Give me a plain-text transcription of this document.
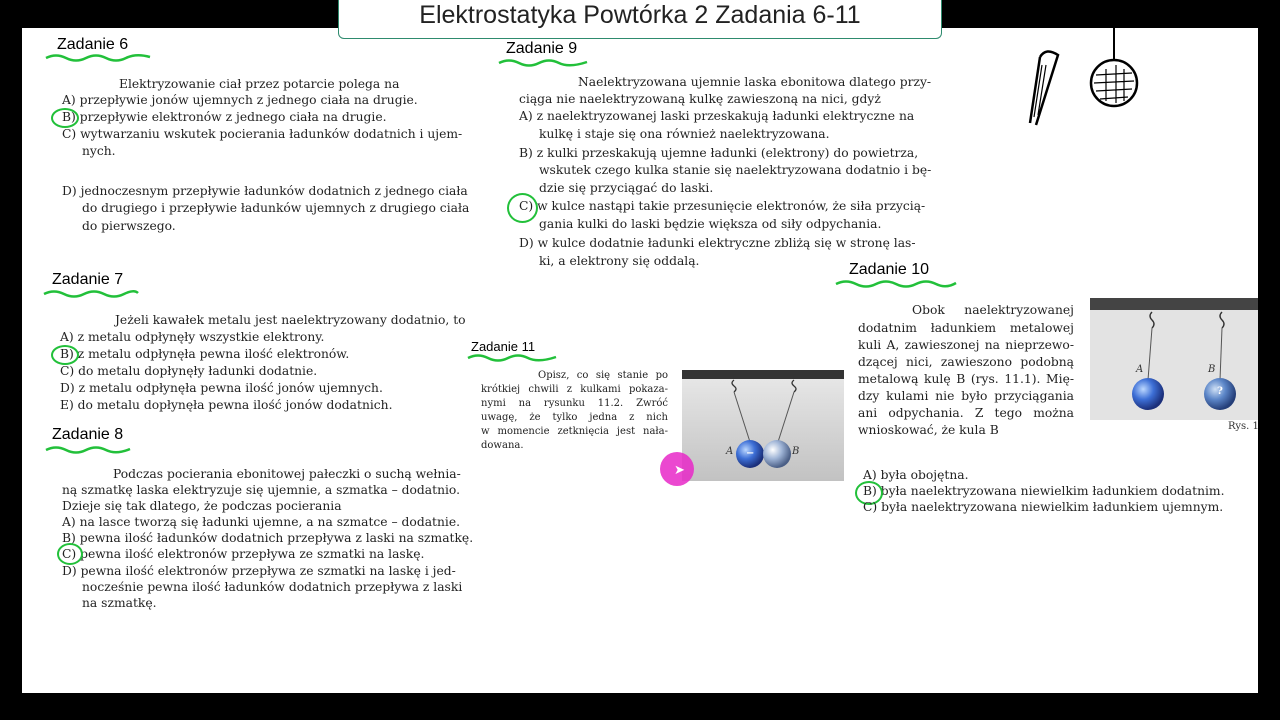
Elektrostatyka Powtórka 2 Zadania 6-11
Zadanie 6
Elektryzowanie ciał przez potarcie polega na
A) przepływie jonów ujemnych z jednego ciała na drugie.
B) przepływie elektronów z jednego ciała na drugie.
C) wytwarzaniu wskutek pocierania ładunków dodatnich i ujem-
nych.
D) jednoczesnym przepływie ładunków dodatnich z jednego ciała
do drugiego i przepływie ładunków ujemnych z drugiego ciała
do pierwszego.
Zadanie 7
Jeżeli kawałek metalu jest naelektryzowany dodatnio, to
A) z metalu odpłynęły wszystkie elektrony.
B) z metalu odpłynęła pewna ilość elektronów.
C) do metalu dopłynęły ładunki dodatnie.
D) z metalu odpłynęła pewna ilość jonów ujemnych.
E) do metalu dopłynęła pewna ilość jonów dodatnich.
Zadanie 8
Podczas pocierania ebonitowej pałeczki o suchą wełnia-
ną szmatkę laska elektryzuje się ujemnie, a szmatka – dodatnio.
Dzieje się tak dlatego, że podczas pocierania
A) na lasce tworzą się ładunki ujemne, a na szmatce – dodatnie.
B) pewna ilość ładunków dodatnich przepływa z laski na szmatkę.
C) pewna ilość elektronów przepływa ze szmatki na laskę.
D) pewna ilość elektronów przepływa ze szmatki na laskę i jed-
nocześnie pewna ilość ładunków dodatnich przepływa z laski
na szmatkę.
Zadanie 9
Naelektryzowana ujemnie laska ebonitowa dlatego przy-
ciąga nie naelektryzowaną kulkę zawieszoną na nici, gdyż
A) z naelektryzowanej laski przeskakują ładunki elektryczne na
kulkę i staje się ona również naelektryzowana.
B) z kulki przeskakują ujemne ładunki (elektrony) do powietrza,
wskutek czego kulka stanie się naelektryzowana dodatnio i bę-
dzie się przyciągać do laski.
C) w kulce nastąpi takie przesunięcie elektronów, że siła przycią-
gania kulki do laski będzie większa od siły odpychania.
D) w kulce dodatnie ładunki elektryczne zbliżą się w stronę las-
ki, a elektrony się oddalą.	Zadanie 10
Obok naelektryzowanej
dodatnim ładunkiem metalowej
kuli A, zawieszonej na nieprzewo-
dzącej nici, zawieszono podobną
metalową kulę B (rys. 11.1). Mię-
dzy kulami nie było przyciągania
ani odpychania. Z tego można
wnioskować, że kula B
A) była obojętna.
B) była naelektryzowana niewielkim ładunkiem dodatnim.
C) była naelektryzowana niewielkim ładunkiem ujemnym.
A	B
?
Rys. 1
Zadanie 11
Opisz, co się stanie po
krótkiej chwili z kulkami pokaza-
nymi na rysunku 11.2. Zwróć
uwagę, że tylko jedna z nich
w momencie zetknięcia jest nała-
dowana.
A	B
−
➤
